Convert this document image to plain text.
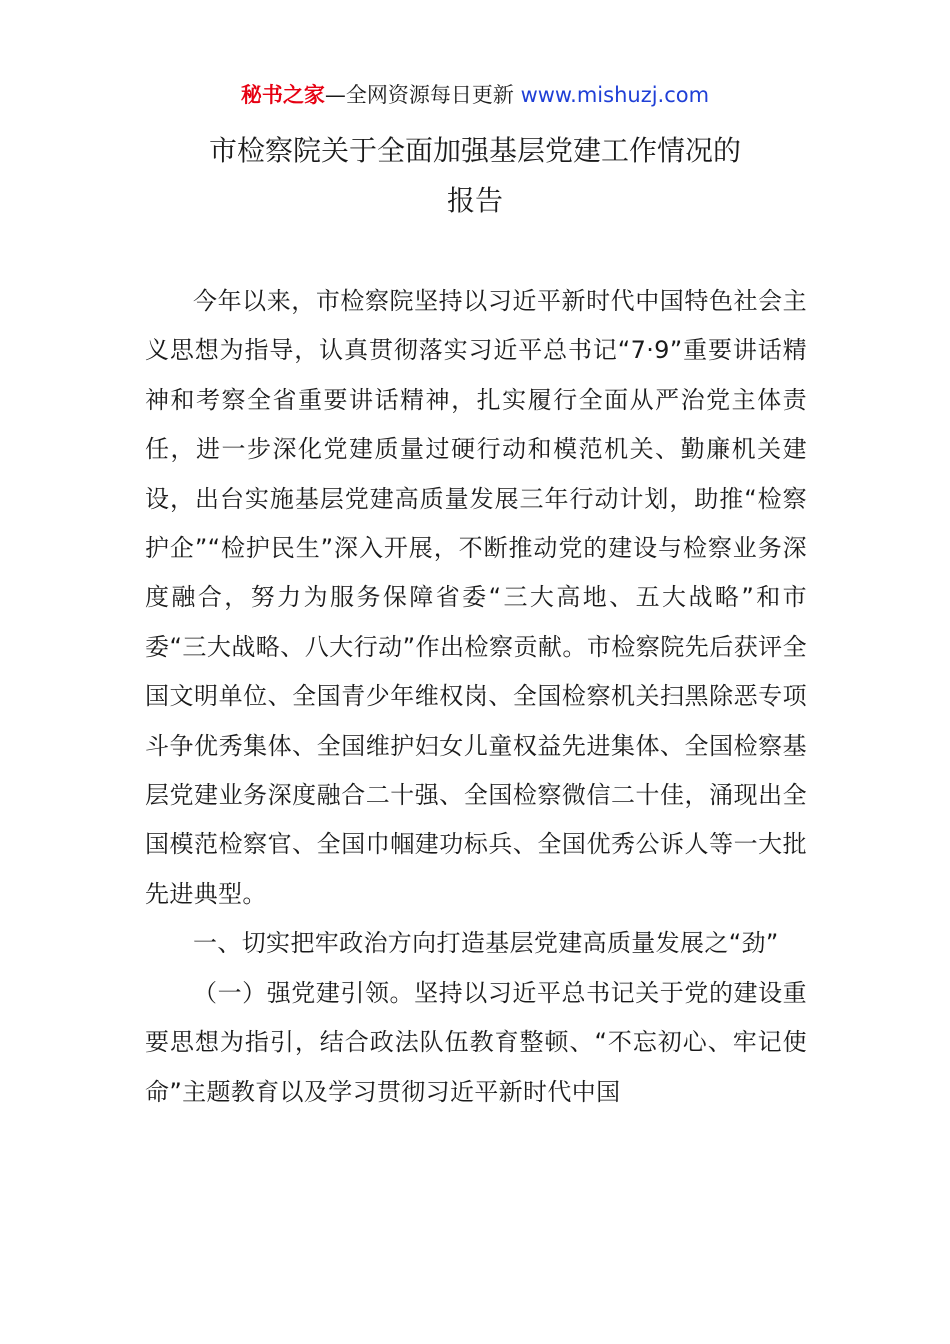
秘书之家—全网资源每日更新 www.mishuzj.com
市检察院关于全面加强基层党建工作情况的
报告

今年以来，市检察院坚持以习近平新时代中国特色社会主义思想为指导，认真贯彻落实习近平总书记“7·9”重要讲话精神和考察全省重要讲话精神，扎实履行全面从严治党主体责任，进一步深化党建质量过硬行动和模范机关、勤廉机关建设，出台实施基层党建高质量发展三年行动计划，助推“检察护企”“检护民生”深入开展，不断推动党的建设与检察业务深度融合，努力为服务保障省委“三大高地、五大战略”和市委“三大战略、八大行动”作出检察贡献。市检察院先后获评全国文明单位、全国青少年维权岗、全国检察机关扫黑除恶专项斗争优秀集体、全国维护妇女儿童权益先进集体、全国检察基层党建业务深度融合二十强、全国检察微信二十佳，涌现出全国模范检察官、全国巾帼建功标兵、全国优秀公诉人等一大批先进典型。

一、切实把牢政治方向打造基层党建高质量发展之“劲”

（一）强党建引领。坚持以习近平总书记关于党的建设重要思想为指引，结合政法队伍教育整顿、“不忘初心、牢记使命”主题教育以及学习贯彻习近平新时代中国
